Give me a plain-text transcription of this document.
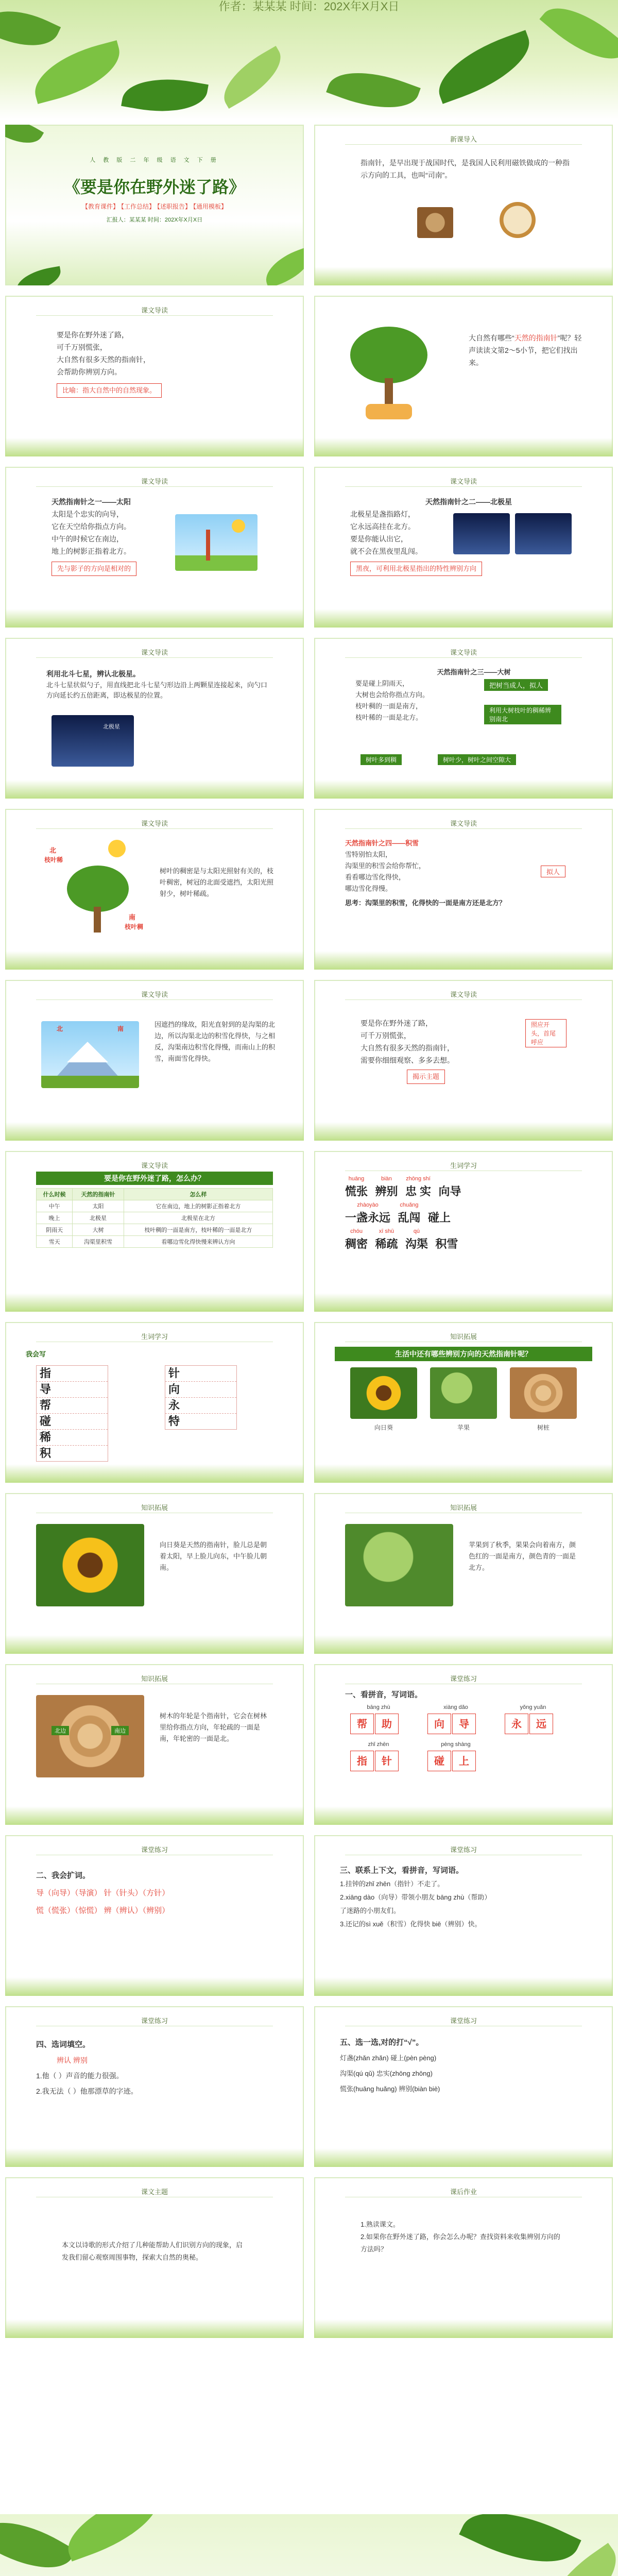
作者：某某某 时间：202X年X月X日
人 教 版 二 年 级 语 文 下 册
《要是你在野外迷了路》
【教育课件】 【工作总结】 【述职报告】 【通用模板】
汇报人：某某某 时间：202X年X月X日
新课导入
指南针，是早出现于战国时代，是我国人民利用磁铁做成的一种指示方向的工具，也叫“司南”。
课文导读
要是你在野外迷了路，
可千万别慌张，
大自然有很多天然的指南针，
会帮助你辨别方向。
比喻：指大自然中的自然现象。
大自然有哪些“天然的指南针”呢？轻声读读文第2～5小节，把它们找出来。
课文导读
天然指南针之一——太阳
太阳是个忠实的向导，
它在天空给你指点方向。
中午的时候它在南边，
地上的树影正指着北方。
先与影子的方向是相对的
课文导读
天然指南针之二——北极星
北极星是盏指路灯，
它永远高挂在北方。
要是你能认出它，
就不会在黑夜里乱闯。
黑夜，可利用北极星指出的特性辨别方向
课文导读
利用北斗七星，辨认北极星。
北斗七星状似勺子，用直线把北斗七星勺形边沿上两颗星连接起来，向勺口方向延长约五倍距离，即达极星的位置。
北极星
课文导读
天然指南针之三——大树
要是碰上阴雨天，
大树也会给你指点方向。
枝叶稠的一面是南方，
枝叶稀的一面是北方。
把树当成人，拟人
利用大树枝叶的稠稀辨别南北
树叶多到稠	树叶少，树叶之间空隙大
课文导读
北
枝叶稀
南
枝叶稠
树叶的稠密是与太阳光照射有关的，枝叶稠密，树冠的北面受遮挡，太阳光照射少，树叶稀疏。
课文导读
天然指南针之四——积雪
雪特别怕太阳，
沟渠里的积雪会给你帮忙，
看看哪边雪化得快，
哪边雪化得慢。
思考：沟渠里的积雪，化得快的一面是南方还是北方？
拟人
课文导读
北	南
因遮挡的缘故，阳光直射到的是沟渠的北边，所以沟渠北边的积雪化得快，与之相反，沟渠南边积雪化得慢，而南山上的积雪，南面雪化得快。
课文导读
要是你在野外迷了路，
可千万别慌张，
大自然有很多天然的指南针，
需要你细细观察、多多去想。
揭示主题
照应开头，首尾呼应
课文导读
要是你在野外迷了路，怎么办？
什么时候	天然的指南针	怎么样
中午	太阳	它在南边，地上的树影正指着北方
晚上	北极星	北极星在北方
阴雨天	大树	枝叶稠的一面是南方，枝叶稀的一面是北方
雪天	沟渠里积雪	看哪边雪化得快慢来辨认方向
生词学习
huāng
慌张

biàn
辨别

zhōng shí
忠 实
向导
zhàoyào
一盏永远

chuǎng
乱闯
碰上
chóu
稠密

xī shū
稀疏

qú
沟渠
积雪
生词学习
我会写
指
导
帮
碰
稀
积
针
向
永
特
知识拓展
生活中还有哪些辨别方向的天然指南针呢？
向日葵	苹果	树桩
知识拓展
向日葵是天然的指南针，脸儿总是朝着太阳，早上脸儿向东，中午脸儿朝南。
知识拓展
苹果到了秋季，果果会向着南方，颜色红的一面是南方，颜色青的一面是北方。
知识拓展
北边	南边
树木的年轮是个指南针，它会在树林里给你指点方向，年轮疏的一面是南，年轮密的一面是北。
课堂练习
一、看拼音，写词语。
bāng zhù	xiàng dǎo	yǒng yuǎn
帮 助	向 导	永 远
zhǐ zhēn	pèng shàng
指 针	碰 上
课堂练习
二、我会扩词。
导（向导）（导演） 针（针头）（方针）
慌（慌张）（惊慌） 辨（辨认）（辨别）
课堂练习
三、联系上下文，看拼音，写词语。
1.挂钟的zhǐ zhēn（指针）不走了。
2.xiāng dào（向导）带领小朋友 bāng zhù（帮助）
了迷路的小朋友们。
3.还记的sì xuě（积雪）化得快 biē（辨别）快。
课堂练习
四、选词填空。
辨认 辨别
1.他（ ）声音的能力很强。
2.我无法（ ）他那漂草的字迹。
课堂练习
五、选一选,对的打“√”。
灯盏(zhǎn zhǎn) 碰上(pèn pèng)
沟渠(qú qǔ) 忠实(zhōng zhōng)
慌张(huāng huǎng) 辨别(biàn biè)
课文主题
本文以诗歌的形式介绍了几种能帮助人们识别方向的现象，启发我们留心观察周围事物，探索大自然的奥秘。
课后作业
1.熟读课文。
2.如果你在野外迷了路，你会怎么办呢？查找资料来收集辨别方向的方法吗？
